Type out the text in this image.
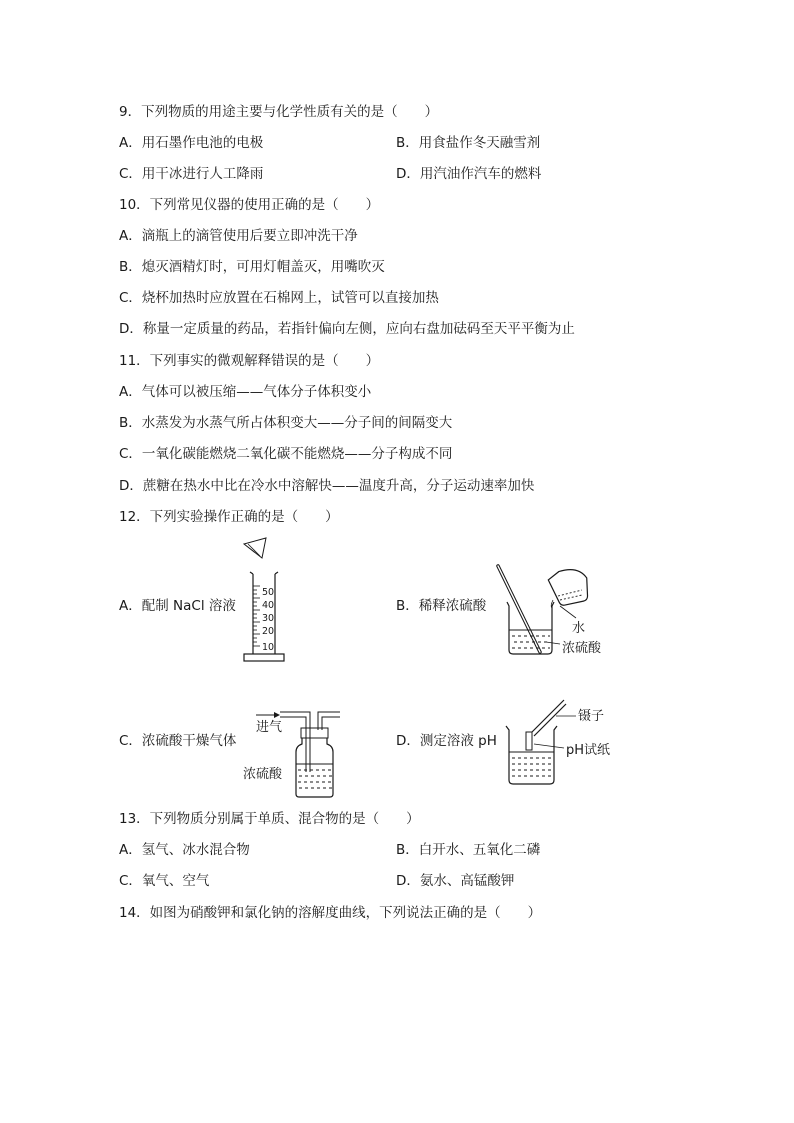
9．下列物质的用途主要与化学性质有关的是（　　）
A．用石墨作电池的电极	B．用食盐作冬天融雪剂
C．用干冰进行人工降雨	D．用汽油作汽车的燃料
10．下列常见仪器的使用正确的是（　　）
A．滴瓶上的滴管使用后要立即冲洗干净
B．熄灭酒精灯时，可用灯帽盖灭，用嘴吹灭
C．烧杯加热时应放置在石棉网上，试管可以直接加热
D．称量一定质量的药品，若指针偏向左侧，应向右盘加砝码至天平平衡为止
11．下列事实的微观解释错误的是（　　）
A．气体可以被压缩——气体分子体积变小
B．水蒸发为水蒸气所占体积变大——分子间的间隔变大
C．一氧化碳能燃烧二氧化碳不能燃烧——分子构成不同
D．蔗糖在热水中比在冷水中溶解快——温度升高，分子运动速率加快
12．下列实验操作正确的是（　　）
A．配制 NaCl 溶液	B．稀释浓硫酸
C．浓硫酸干燥气体	D．测定溶液 pH
50
40
30
20
10
水
浓硫酸
进气
浓硫酸
镊子
pH试纸
13．下列物质分别属于单质、混合物的是（　　）
A．氢气、冰水混合物	B．白开水、五氧化二磷
C．氧气、空气	D．氨水、高锰酸钾
14．如图为硝酸钾和氯化钠的溶解度曲线，下列说法正确的是（　　）
